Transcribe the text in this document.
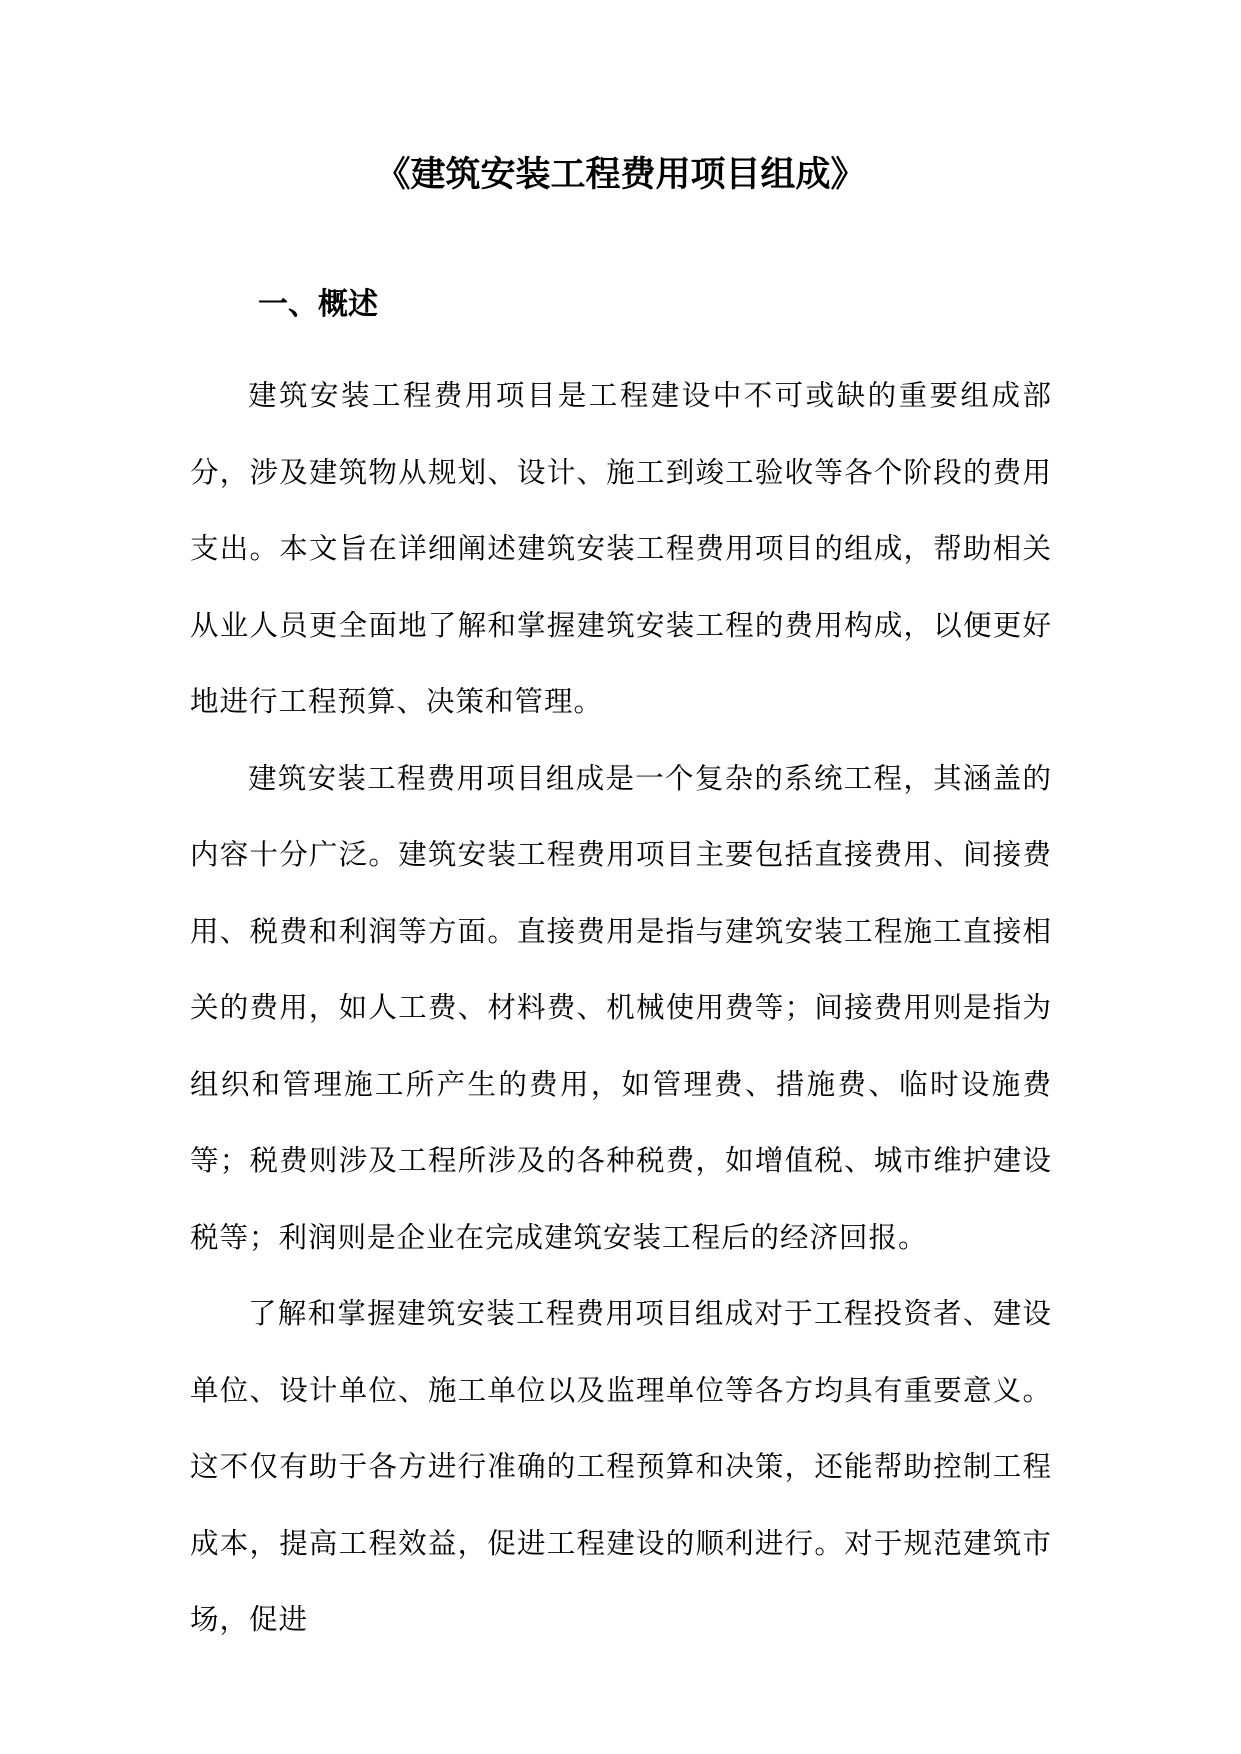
《建筑安装工程费用项目组成》
一、概述

建筑安装工程费用项目是工程建设中不可或缺的重要组成部分，涉及建筑物从规划、设计、施工到竣工验收等各个阶段的费用支出。本文旨在详细阐述建筑安装工程费用项目的组成，帮助相关从业人员更全面地了解和掌握建筑安装工程的费用构成，以便更好地进行工程预算、决策和管理。

建筑安装工程费用项目组成是一个复杂的系统工程，其涵盖的内容十分广泛。建筑安装工程费用项目主要包括直接费用、间接费用、税费和利润等方面。直接费用是指与建筑安装工程施工直接相关的费用，如人工费、材料费、机械使用费等；间接费用则是指为组织和管理施工所产生的费用，如管理费、措施费、临时设施费等；税费则涉及工程所涉及的各种税费，如增值税、城市维护建设税等；利润则是企业在完成建筑安装工程后的经济回报。

了解和掌握建筑安装工程费用项目组成对于工程投资者、建设单位、设计单位、施工单位以及监理单位等各方均具有重要意义。这不仅有助于各方进行准确的工程预算和决策，还能帮助控制工程成本，提高工程效益，促进工程建设的顺利进行。对于规范建筑市场，促进
